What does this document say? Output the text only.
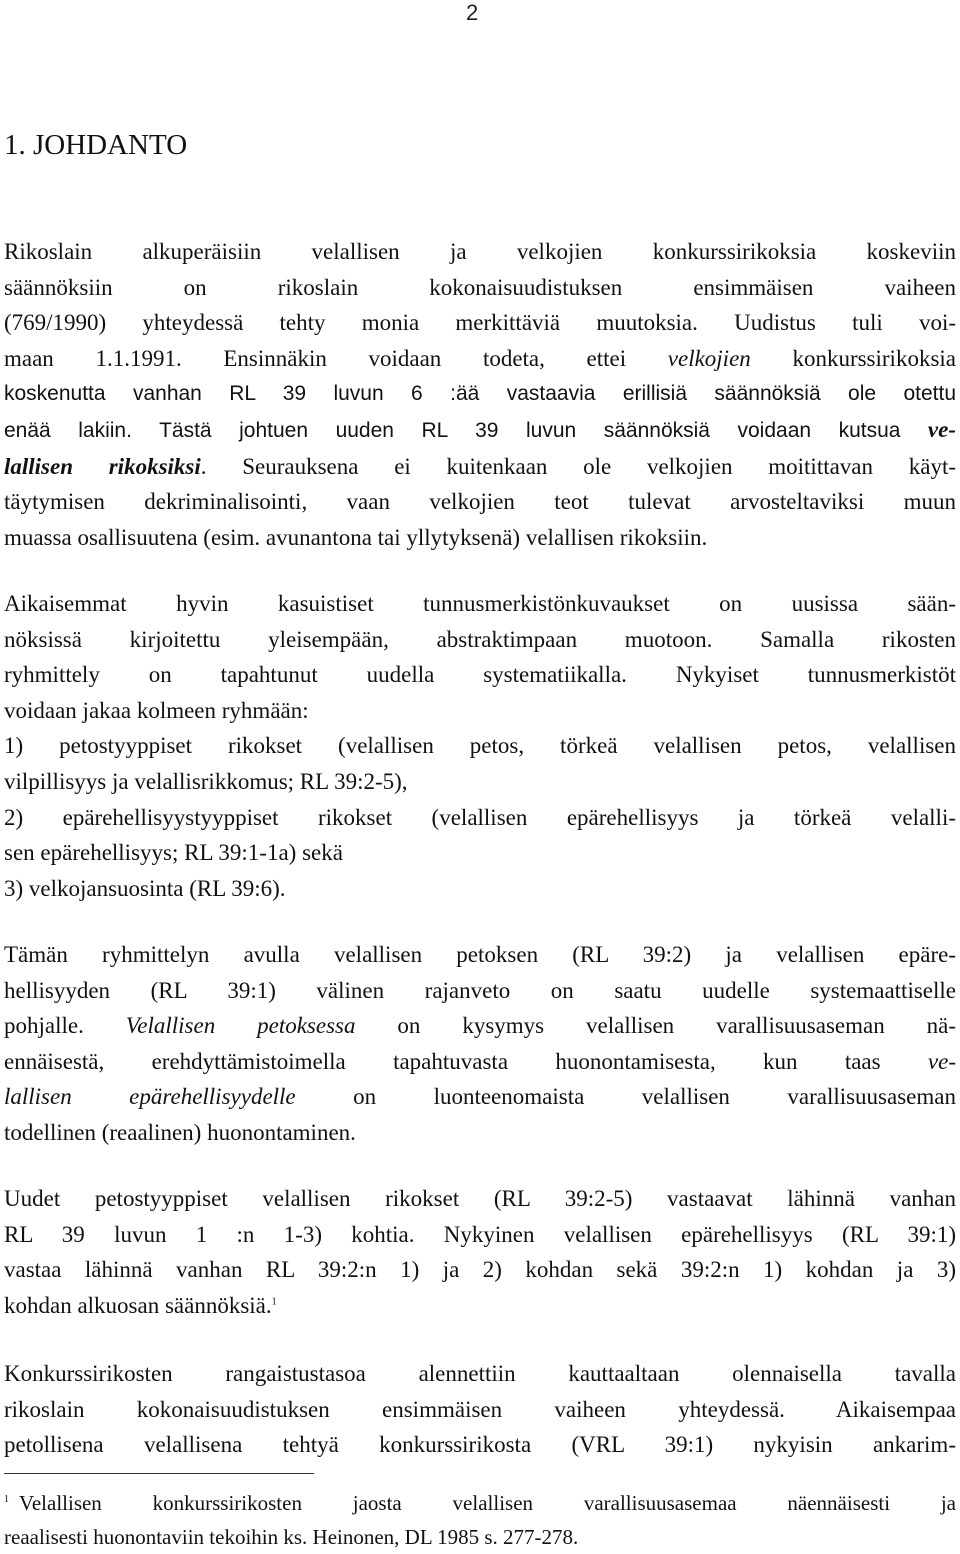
2
1. JOHDANTO
Rikoslain alkuperäisiin velallisen ja velkojien konkurssirikoksia koskeviin
säännöksiin on rikoslain kokonaisuudistuksen ensimmäisen vaiheen
(769/1990) yhteydessä tehty monia merkittäviä muutoksia. Uudistus tuli voi-
maan 1.1.1991. Ensinnäkin voidaan todeta, ettei velkojien konkurssirikoksia
koskenutta vanhan RL 39 luvun 6 :ää vastaavia erillisiä säännöksiä ole otettu
enää lakiin. Tästä johtuen uuden RL 39 luvun säännöksiä voidaan kutsua ve-
lallisen rikoksiksi. Seurauksena ei kuitenkaan ole velkojien moitittavan käyt-
täytymisen dekriminalisointi, vaan velkojien teot tulevat arvosteltaviksi muun
muassa osallisuutena (esim. avunantona tai yllytyksenä) velallisen rikoksiin.
Aikaisemmat hyvin kasuistiset tunnusmerkistönkuvaukset on uusissa sään-
nöksissä kirjoitettu yleisempään, abstraktimpaan muotoon. Samalla rikosten
ryhmittely on tapahtunut uudella systematiikalla. Nykyiset tunnusmerkistöt
voidaan jakaa kolmeen ryhmään:
1) petostyyppiset rikokset (velallisen petos, törkeä velallisen petos, velallisen
vilpillisyys ja velallisrikkomus; RL 39:2-5),
2) epärehellisyystyyppiset rikokset (velallisen epärehellisyys ja törkeä velalli-
sen epärehellisyys; RL 39:1-1a) sekä
3) velkojansuosinta (RL 39:6).
Tämän ryhmittelyn avulla velallisen petoksen (RL 39:2) ja velallisen epäre-
hellisyyden (RL 39:1) välinen rajanveto on saatu uudelle systemaattiselle
pohjalle. Velallisen petoksessa on kysymys velallisen varallisuusaseman nä-
ennäisestä, erehdyttämistoimella tapahtuvasta huonontamisesta, kun taas ve-
lallisen epärehellisyydelle on luonteenomaista velallisen varallisuusaseman
todellinen (reaalinen) huonontaminen.
Uudet petostyyppiset velallisen rikokset (RL 39:2-5) vastaavat lähinnä vanhan
RL 39 luvun 1 :n 1-3) kohtia. Nykyinen velallisen epärehellisyys (RL 39:1)
vastaa lähinnä vanhan RL 39:2:n 1) ja 2) kohdan sekä 39:2:n 1) kohdan ja 3)
kohdan alkuosan säännöksiä.$^1$
Konkurssirikosten rangaistustasoa alennettiin kauttaaltaan olennaisella tavalla
rikoslain kokonaisuudistuksen ensimmäisen vaiheen yhteydessä. Aikaisempaa
petollisena velallisena tehtyä konkurssirikosta (VRL 39:1) nykyisin ankarim-
$^1$ Velallisen konkurssirikosten jaosta velallisen varallisuusasemaa näennäisesti ja
reaalisesti huonontaviin tekoihin ks. Heinonen, DL 1985 s. 277-278.
